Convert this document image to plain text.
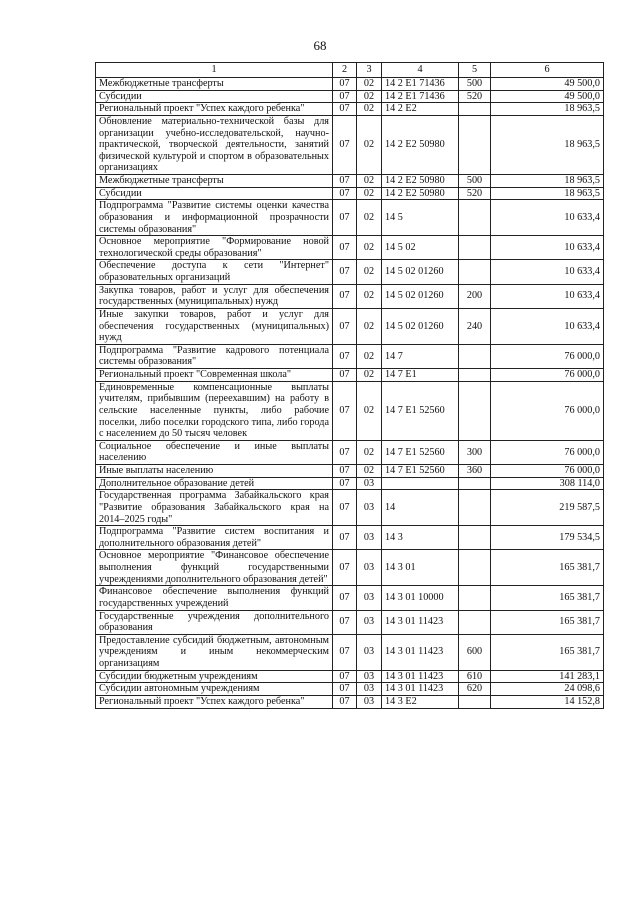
68
1	2	3	4	5	6
Межбюджетные трансферты	07	02	14 2 E1 71436	500	49 500,0
Субсидии	07	02	14 2 E1 71436	520	49 500,0
Региональный проект "Успех каждого ребенка"	07	02	14 2 E2		18 963,5
Обновление материально-технической базы для организации учебно-исследовательской, научно-практической, творческой деятельности, занятий физической культурой и спортом в образовательных организациях	07	02	14 2 E2 50980		18 963,5
Межбюджетные трансферты	07	02	14 2 E2 50980	500	18 963,5
Субсидии	07	02	14 2 E2 50980	520	18 963,5
Подпрограмма "Развитие системы оценки качества образования и информационной прозрачности системы образования"	07	02	14 5		10 633,4
Основное мероприятие "Формирование новой технологической среды образования"	07	02	14 5 02		10 633,4
Обеспечение доступа к сети "Интернет" образовательных организаций	07	02	14 5 02 01260		10 633,4
Закупка товаров, работ и услуг для обеспечения государственных (муниципальных) нужд	07	02	14 5 02 01260	200	10 633,4
Иные закупки товаров, работ и услуг для обеспечения государственных (муниципальных) нужд	07	02	14 5 02 01260	240	10 633,4
Подпрограмма "Развитие кадрового потенциала системы образования"	07	02	14 7		76 000,0
Региональный проект "Современная школа"	07	02	14 7 E1		76 000,0
Единовременные компенсационные выплаты учителям, прибывшим (переехавшим) на работу в сельские населенные пункты, либо рабочие поселки, либо поселки городского типа, либо города с населением до 50 тысяч человек	07	02	14 7 E1 52560		76 000,0
Социальное обеспечение и иные выплаты населению	07	02	14 7 E1 52560	300	76 000,0
Иные выплаты населению	07	02	14 7 E1 52560	360	76 000,0
Дополнительное образование детей	07	03			308 114,0
Государственная программа Забайкальского края "Развитие образования Забайкальского края на 2014–2025 годы"	07	03	14		219 587,5
Подпрограмма "Развитие систем воспитания и дополнительного образования детей"	07	03	14 3		179 534,5
Основное мероприятие "Финансовое обеспечение выполнения функций государственными учреждениями дополнительного образования детей"	07	03	14 3 01		165 381,7
Финансовое обеспечение выполнения функций государственных учреждений	07	03	14 3 01 10000		165 381,7
Государственные учреждения дополнительного образования	07	03	14 3 01 11423		165 381,7
Предоставление субсидий бюджетным, автономным учреждениям и иным некоммерческим организациям	07	03	14 3 01 11423	600	165 381,7
Субсидии бюджетным учреждениям	07	03	14 3 01 11423	610	141 283,1
Субсидии автономным учреждениям	07	03	14 3 01 11423	620	24 098,6
Региональный проект "Успех каждого ребенка"	07	03	14 3 E2		14 152,8
